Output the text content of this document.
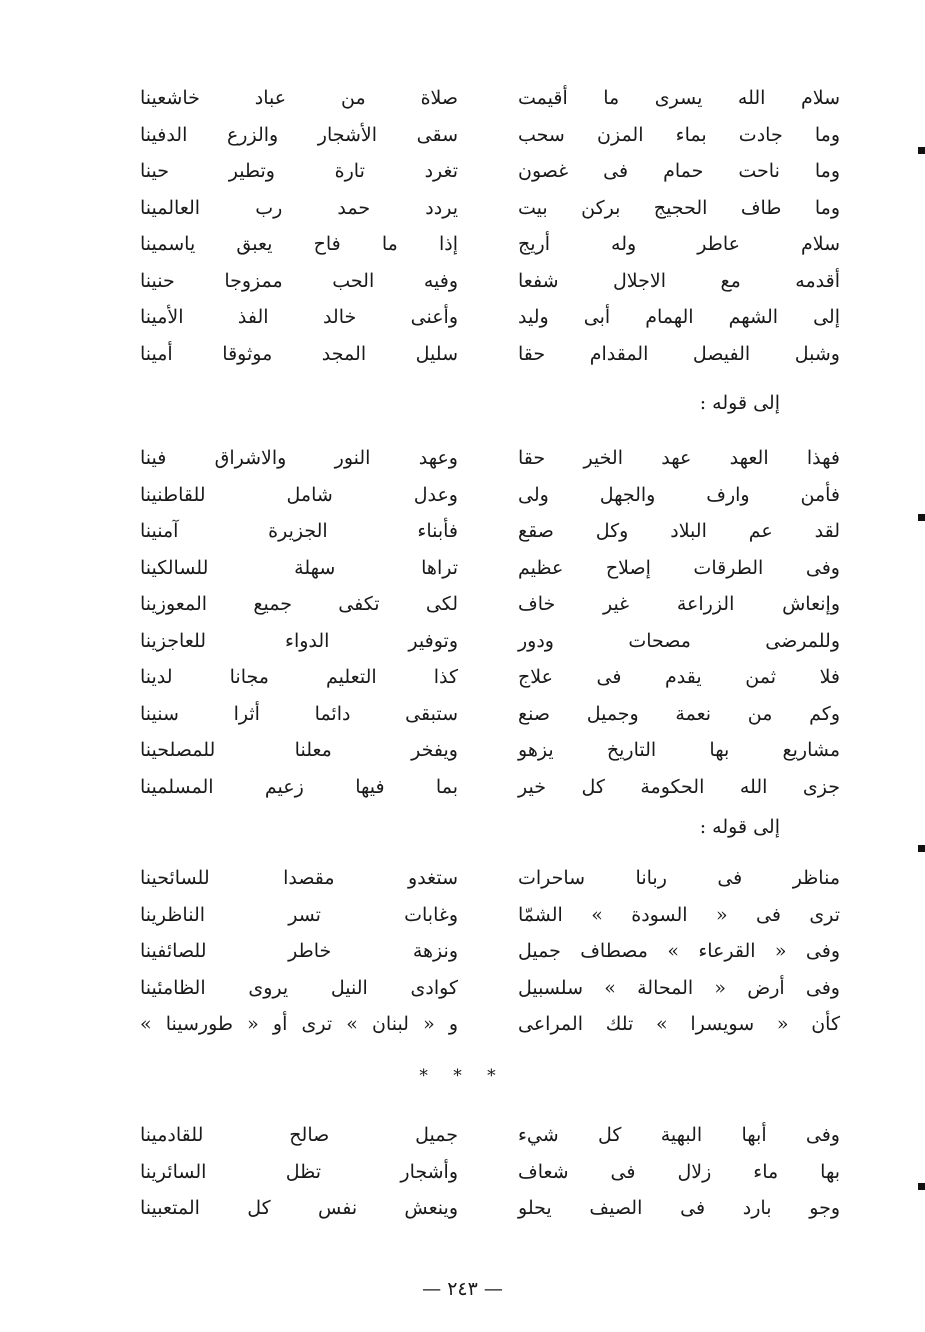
سلام الله يسرى ما أقيمت
صلاة من عباد خاشعينا
وما جادت بماء المزن سحب
سقى الأشجار والزرع الدفينا
وما ناحت حمام فى غصون
تغرد تارة وتطير حينا
وما طاف الحجيج بركن بيت
يردد حمد رب العالمينا
سلام عاطر وله أريج
إذا ما فاح يعبق ياسمينا
أقدمه مع الاجلال شفعا
وفيه الحب ممزوجا حنينا
إلى الشهم الهمام أبى وليد
وأعنى خالد الفذ الأمينا
وشبل الفيصل المقدام حقا
سليل المجد موثوقا أمينا
إلى قوله :
فهذا العهد عهد الخير حقا
وعهد النور والاشراق فينا
فأمن وارف والجهل ولى
وعدل شامل للقاطنينا
لقد عم البلاد وكل صقع
فأبناء الجزيرة آمنينا
وفى الطرقات إصلاح عظيم
تراها سهلة للسالكينا
وإنعاش الزراعة غير خاف
لكى تكفى جميع المعوزينا
وللمرضى مصحات ودور
وتوفير الدواء للعاجزينا
فلا ثمن يقدم فى علاج
كذا التعليم مجانا لدينا
وكم من نعمة وجميل صنع
ستبقى دائما أثرا سنينا
مشاريع بها التاريخ يزهو
ويفخر معلنا للمصلحينا
جزى الله الحكومة كل خير
بما فيها زعيم المسلمينا
إلى قوله :
مناظر فى ربانا ساحرات
ستغدو مقصدا للسائحينا
ترى فى « السودة » الشمّا
وغابات تسر الناظرينا
وفى « القرعاء » مصطاف جميل
ونزهة خاطر للصائفينا
وفى أرض « المحالة » سلسبيل
كوادى النيل يروى الظامئينا
كأن « سويسرا » تلك المراعى
و « لبنان » ترى أو « طورسينا »
* * *
وفى أبها البهية كل شيء
جميل صالح للقادمينا
بها ماء زلال فى شعاف
وأشجار تظل السائرينا
وجو بارد فى الصيف يحلو
وينعش نفس كل المتعبينا
— ٢٤٣ —
